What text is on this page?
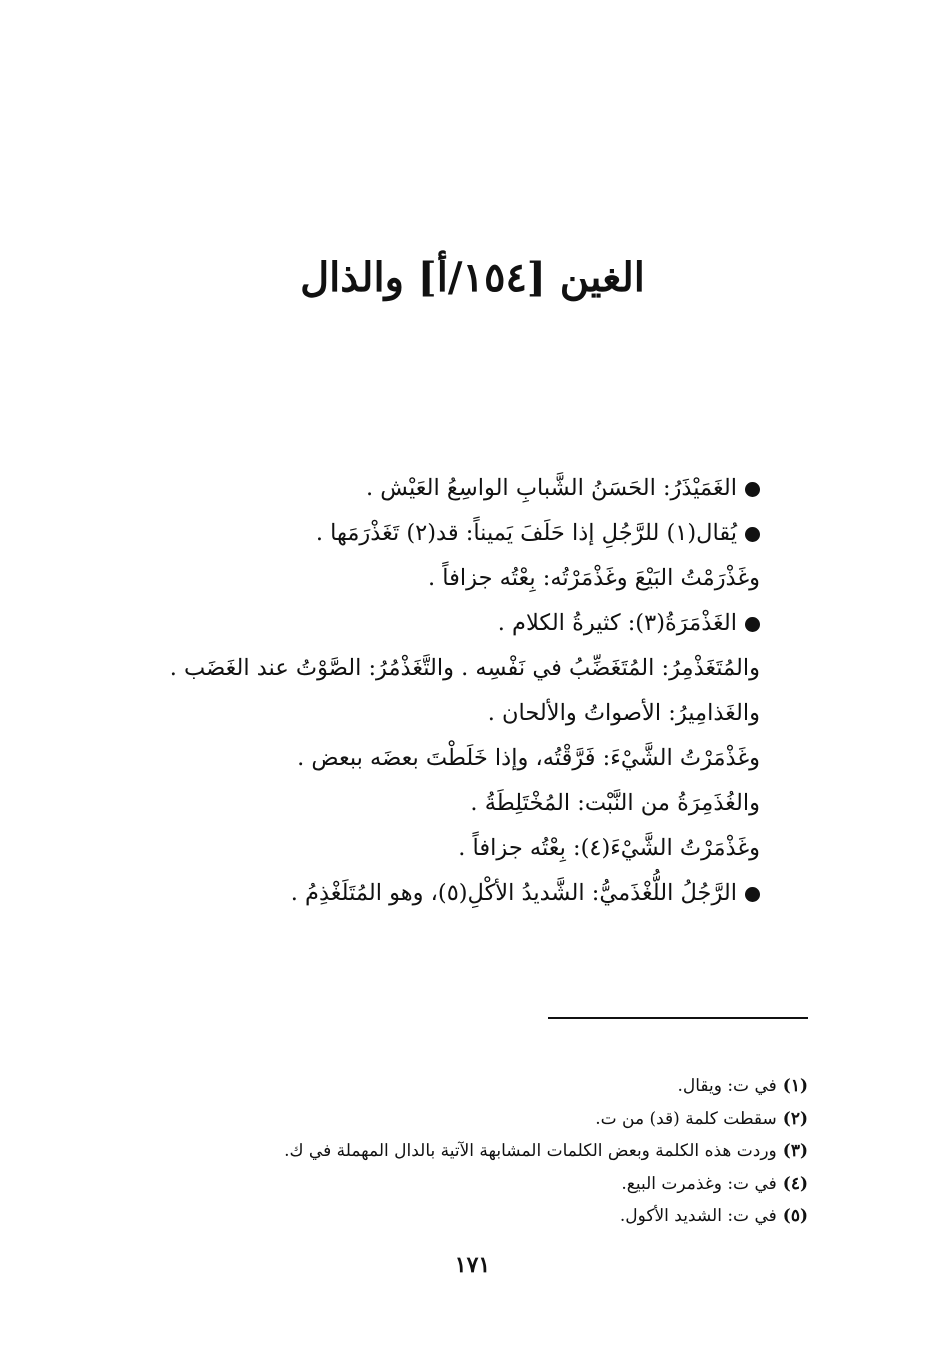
الغين [١٥٤/أ] والذال
الغَمَيْذَرُ: الحَسَنُ الشَّبابِ الواسِعُ العَيْش .
يُقال(١) للرَّجُلِ إذا حَلَفَ يَميناً: قد(٢) تَغَذْرَمَها .
وغَذْرَمْتُ البَيْعَ وغَذْمَرْتُه: بِعْتُه جزافاً .
الغَذْمَرَةُ(٣): كثيرةُ الكلام .
والمُتَغَذْمِرُ: المُتَغَضِّبُ في نَفْسِه . والتَّغَذْمُرُ: الصَّوْتُ عند الغَضَب .
والغَذامِيرُ: الأصواتُ والألحان .
وغَذْمَرْتُ الشَّيْءَ: فَرَّقْتُه، وإذا خَلَطْتَ بعضَه ببعض .
والغُذَمِرَةُ من النَّبْت: المُخْتَلِطَةُ .
وغَذْمَرْتُ الشَّيْءَ(٤): بِعْتُه جزافاً .
الرَّجُلُ اللُّغْذَميُّ: الشَّديدُ الأكْلِ(٥)، وهو المُتَلَغْذِمُ .
(١)في ت: ويقال.
(٢)سقطت كلمة (قد) من ت.
(٣)وردت هذه الكلمة وبعض الكلمات المشابهة الآتية بالدال المهملة في ك.
(٤)في ت: وغذمرت البيع.
(٥)في ت: الشديد الأكول.
١٧١
